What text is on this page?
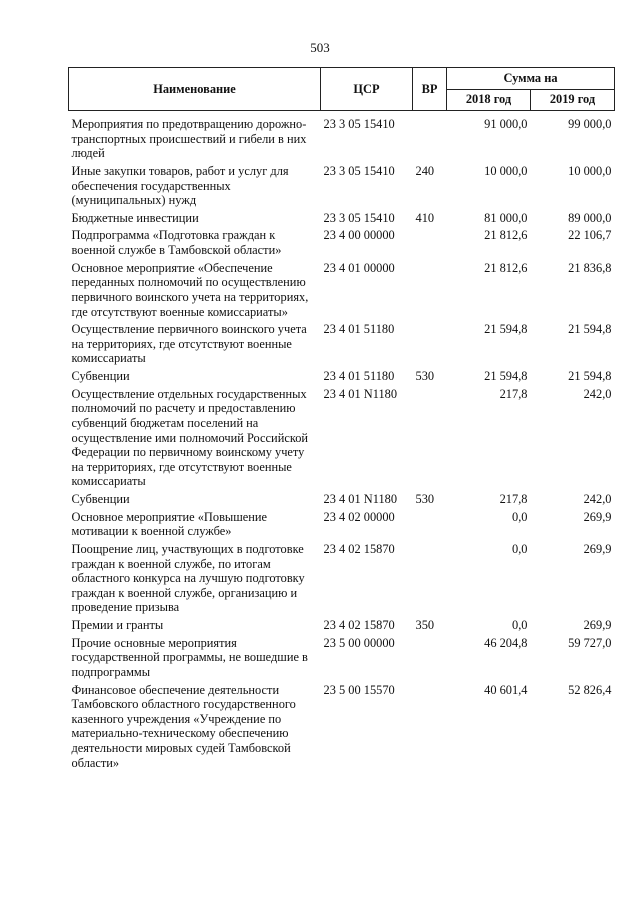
503
Наименование	ЦСР	ВР	Сумма на	
			2018 год	2019 год
Мероприятия по предотвращению дорожно-транспортных происшествий и гибели в них людей	23 3 05 15410		91 000,0	99 000,0
Иные закупки товаров, работ и услуг для обеспечения государственных (муниципальных) нужд	23 3 05 15410	240	10 000,0	10 000,0
Бюджетные инвестиции	23 3 05 15410	410	81 000,0	89 000,0
Подпрограмма «Подготовка граждан к военной службе в Тамбовской области»	23 4 00 00000		21 812,6	22 106,7
Основное мероприятие «Обеспечение переданных полномочий по осуществлению первичного воинского учета на территориях, где отсутствуют военные комиссариаты»	23 4 01 00000		21 812,6	21 836,8
Осуществление первичного воинского учета на территориях, где отсутствуют военные комиссариаты	23 4 01 51180		21 594,8	21 594,8
Субвенции	23 4 01 51180	530	21 594,8	21 594,8
Осуществление отдельных государственных полномочий по расчету и предоставлению субвенций бюджетам поселений на осуществление ими полномочий Российской Федерации по первичному воинскому учету на территориях, где отсутствуют военные комиссариаты	23 4 01 N1180		217,8	242,0
Субвенции	23 4 01 N1180	530	217,8	242,0
Основное мероприятие «Повышение мотивации к военной службе»	23 4 02 00000		0,0	269,9
Поощрение лиц, участвующих в подготовке граждан к военной службе, по итогам областного конкурса на лучшую подготовку граждан к военной службе, организацию и проведение призыва	23 4 02 15870		0,0	269,9
Премии и гранты	23 4 02 15870	350	0,0	269,9
Прочие основные мероприятия государственной программы, не вошедшие в подпрограммы	23 5 00 00000		46 204,8	59 727,0
Финансовое обеспечение деятельности Тамбовского областного государственного казенного учреждения «Учреждение по материально-техническому обеспечению деятельности мировых судей Тамбовской области»	23 5 00 15570		40 601,4	52 826,4
